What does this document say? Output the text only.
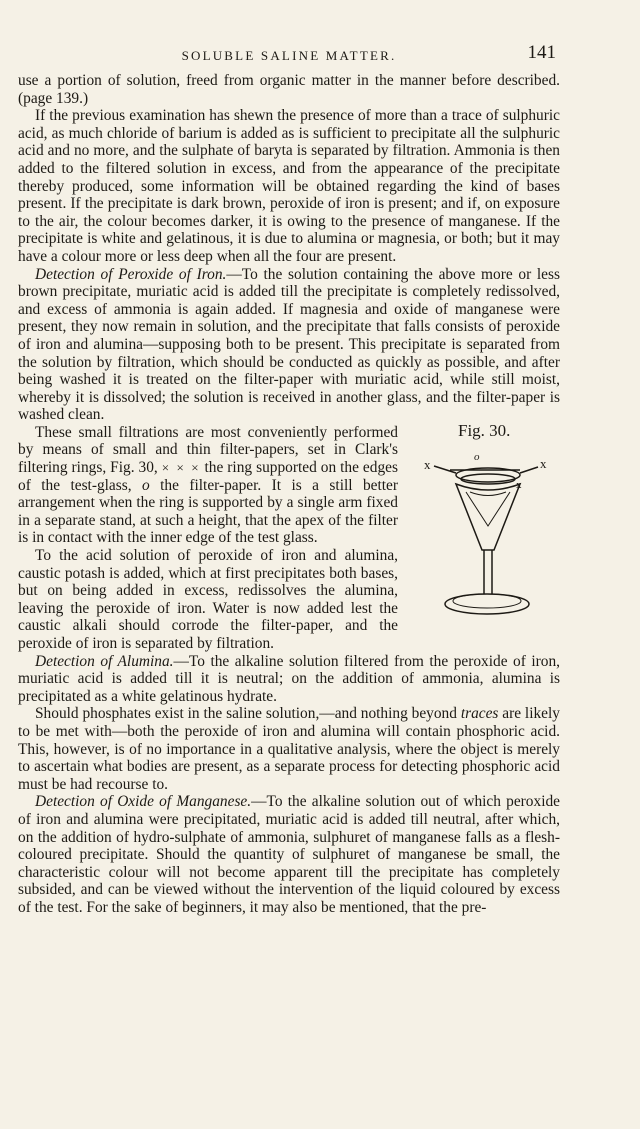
SOLUBLE SALINE MATTER.	141

use a portion of solution, freed from organic matter in the manner before described. (page 139.)

If the previous examination has shewn the presence of more than a trace of sulphuric acid, as much chloride of barium is added as is sufficient to precipitate all the sulphuric acid and no more, and the sulphate of baryta is separated by filtration. Ammonia is then added to the filtered solution in excess, and from the appearance of the precipitate thereby produced, some information will be obtained regarding the kind of bases present. If the precipitate is dark brown, peroxide of iron is present; and if, on exposure to the air, the colour becomes darker, it is owing to the presence of manganese. If the precipitate is white and gelatinous, it is due to alumina or magnesia, or both; but it may have a colour more or less deep when all the four are present.

Detection of Peroxide of Iron.—To the solution containing the above more or less brown precipitate, muriatic acid is added till the precipitate is completely redissolved, and excess of ammonia is again added. If magnesia and oxide of manganese were present, they now remain in solution, and the precipitate that falls consists of peroxide of iron and alumina—supposing both to be present. This precipitate is separated from the solution by filtration, which should be conducted as quickly as possible, and after being washed it is treated on the filter-paper with muriatic acid, while still moist, whereby it is dissolved; the solution is received in another glass, and the filter-paper is washed clean.

Fig. 30.
o
x	x
x

These small filtrations are most conveniently performed by means of small and thin filter-papers, set in Clark's filtering rings, Fig. 30, × × × the ring supported on the edges of the test-glass, o the filter-paper. It is a still better arrangement when the ring is supported by a single arm fixed in a separate stand, at such a height, that the apex of the filter is in contact with the inner edge of the test glass.

To the acid solution of peroxide of iron and alumina, caustic potash is added, which at first precipitates both bases, but on being added in excess, redissolves the alumina, leaving the peroxide of iron. Water is now added lest the caustic alkali should corrode the filter-paper, and the peroxide of iron is separated by filtration.

Detection of Alumina.—To the alkaline solution filtered from the peroxide of iron, muriatic acid is added till it is neutral; on the addition of ammonia, alumina is precipitated as a white gelatinous hydrate.

Should phosphates exist in the saline solution,—and nothing beyond traces are likely to be met with—both the peroxide of iron and alumina will contain phosphoric acid. This, however, is of no importance in a qualitative analysis, where the object is merely to ascertain what bodies are present, as a separate process for detecting phosphoric acid must be had recourse to.

Detection of Oxide of Manganese.—To the alkaline solution out of which peroxide of iron and alumina were precipitated, muriatic acid is added till neutral, after which, on the addition of hydro-sulphate of ammonia, sulphuret of manganese falls as a flesh-coloured precipitate. Should the quantity of sulphuret of manganese be small, the characteristic colour will not become apparent till the precipitate has completely subsided, and can be viewed without the intervention of the liquid coloured by excess of the test. For the sake of beginners, it may also be mentioned, that the pre-
